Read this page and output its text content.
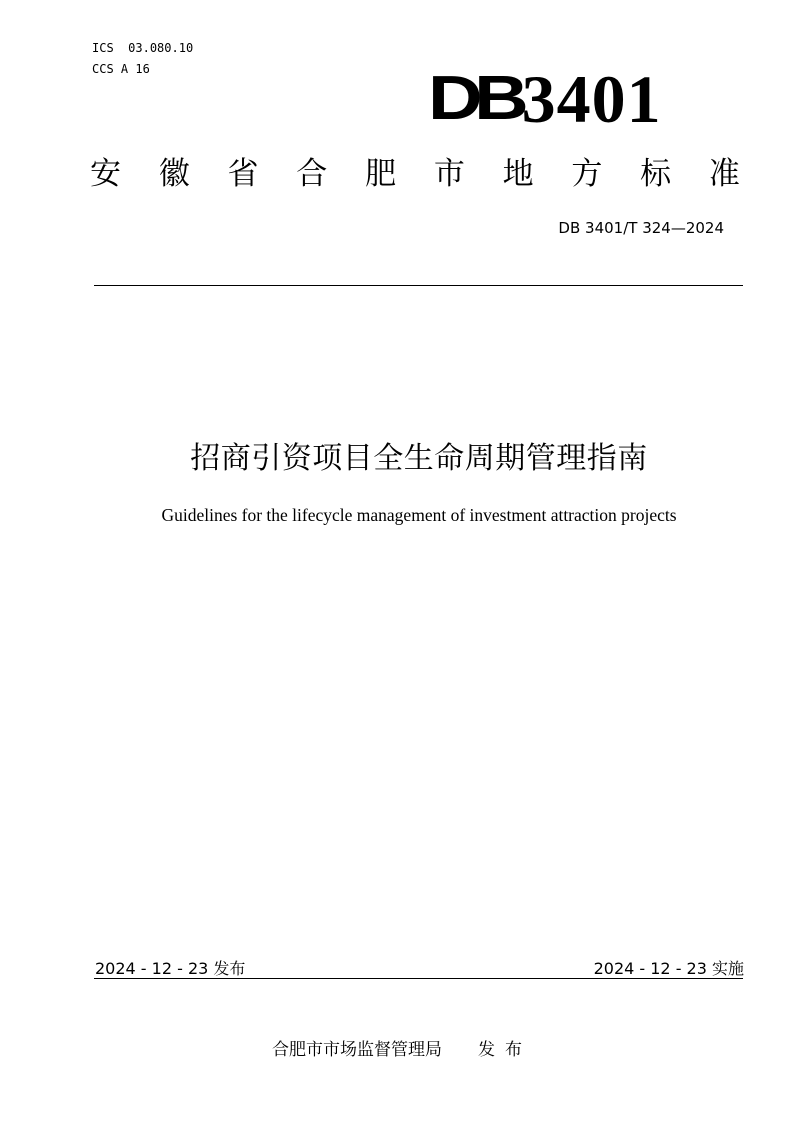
ICS 03.080.10
CCS A 16	DB 3401
安 徽 省 合 肥 市 地 方 标 准
DB 3401/T 324—2024
招商引资项目全生命周期管理指南
Guidelines for the lifecycle management of investment attraction projects
2024 - 12 - 23 发布	2024 - 12 - 23 实施
合肥市市场监督管理局 发布
